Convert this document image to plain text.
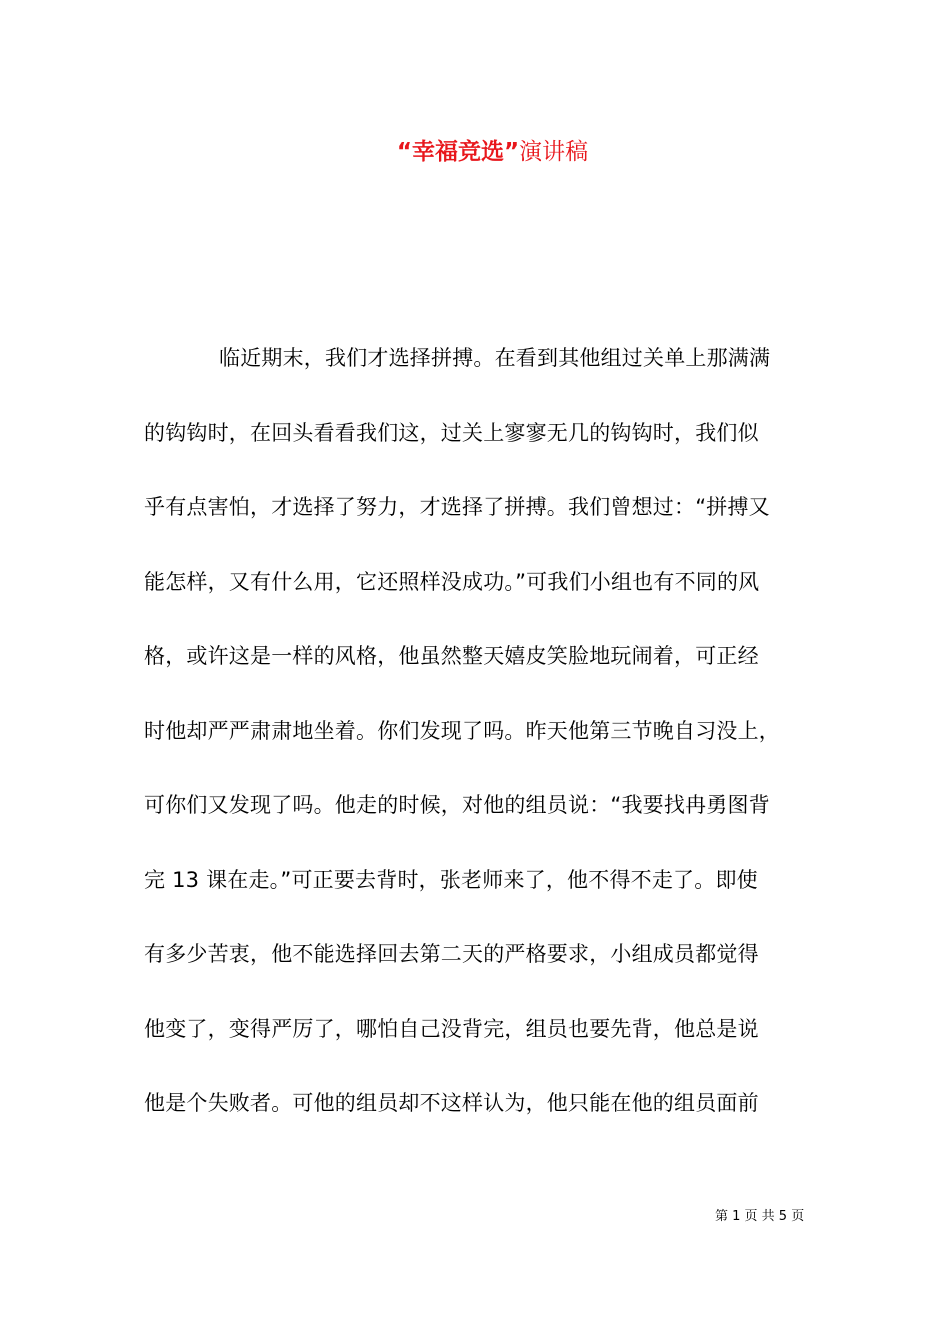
“幸福竞选”演讲稿
临近期末，我们才选择拼搏。在看到其他组过关单上那满满
的钩钩时，在回头看看我们这，过关上寥寥无几的钩钩时，我们似
乎有点害怕，才选择了努力，才选择了拼搏。我们曾想过：“拼搏又
能怎样，又有什么用，它还照样没成功。”可我们小组也有不同的风
格，或许这是一样的风格，他虽然整天嬉皮笑脸地玩闹着，可正经
时他却严严肃肃地坐着。你们发现了吗。昨天他第三节晚自习没上，
可你们又发现了吗。他走的时候，对他的组员说：“我要找冉勇图背
完 13 课在走。”可正要去背时，张老师来了，他不得不走了。即使
有多少苦衷，他不能选择回去第二天的严格要求，小组成员都觉得
他变了，变得严厉了，哪怕自己没背完，组员也要先背，他总是说
他是个失败者。可他的组员却不这样认为，他只能在他的组员面前
第 1 页 共 5 页
